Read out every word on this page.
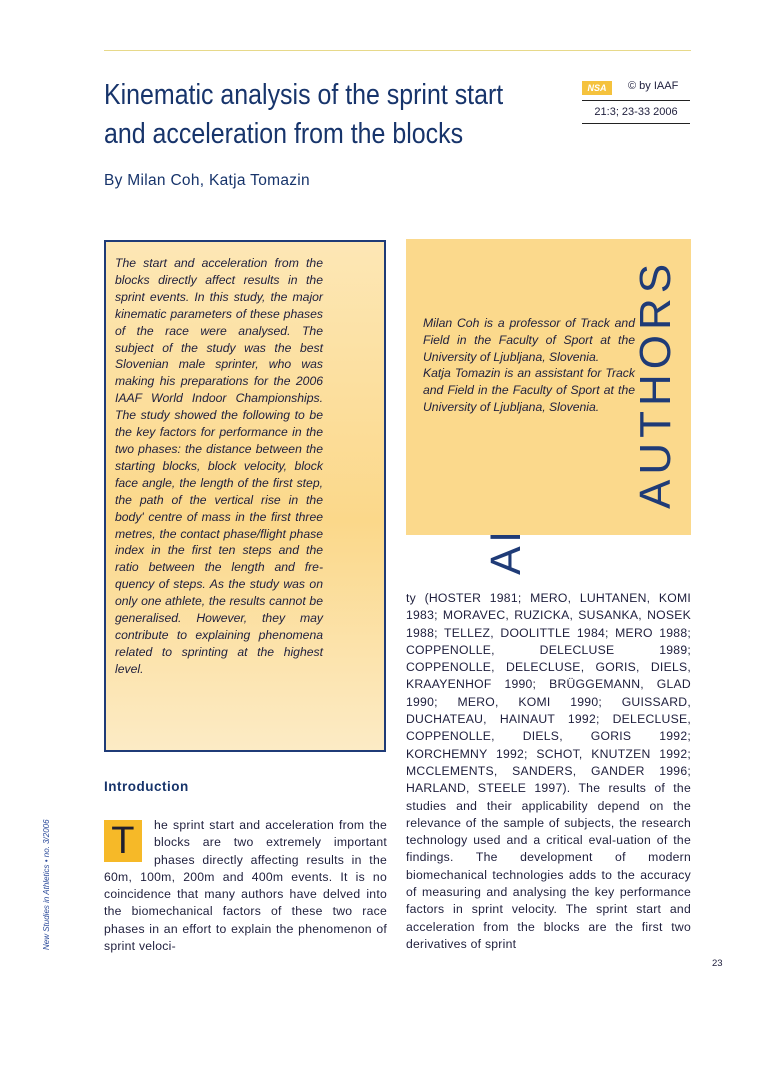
Kinematic analysis of the sprint start
and acceleration from the blocks
By Milan Coh, Katja Tomazin
NSA	© by IAAF
21:3; 23-33 2006
The start and acceleration from the blocks directly affect results in the sprint events. In this study, the major kinematic parameters of these phases of the race were analysed. The subject of the study was the best Slovenian male sprinter, who was making his preparations for the 2006 IAAF World Indoor Championships. The study showed the following to be the key factors for performance in the two phases: the distance between the starting blocks, block velocity, block face angle, the length of the first step, the path of the vertical rise in the body' centre of mass in the first three metres, the contact phase/flight phase index in the first ten steps and the ratio between the length and fre-quency of steps. As the study was on only one athlete, the results cannot be generalised. However, they may contribute to explaining phenomena related to sprinting at the highest level.

Milan Coh is a professor of Track and Field in the Faculty of Sport at the University of Ljubljana, Slovenia.

Katja Tomazin is an assistant for Track and Field in the Faculty of Sport at the University of Ljubljana, Slovenia. AUTHORS
Introduction
T	he sprint start and acceleration from the blocks are two extremely important phases directly affecting results in the 60m, 100m, 200m and 400m events. It is no coincidence that many authors have delved into the biomechanical factors of these two race phases in an effort to explain the phenomenon of sprint veloci-
ty (HOSTER 1981; MERO, LUHTANEN, KOMI 1983; MORAVEC, RUZICKA, SUSANKA, NOSEK 1988; TELLEZ, DOOLITTLE 1984; MERO 1988; COPPENOLLE, DELECLUSE 1989; COPPENOLLE, DELECLUSE, GORIS, DIELS, KRAAYENHOF 1990; BRÜGGEMANN, GLAD 1990; MERO, KOMI 1990; GUISSARD, DUCHATEAU, HAINAUT 1992; DELECLUSE, COPPENOLLE, DIELS, GORIS 1992; KORCHEMNY 1992; SCHOT, KNUTZEN 1992; MCCLEMENTS, SANDERS, GANDER 1996; HARLAND, STEELE 1997). The results of the studies and their applicability depend on the relevance of the sample of subjects, the research technology used and a critical eval-uation of the findings. The development of modern biomechanical technologies adds to the accuracy of measuring and analysing the key performance factors in sprint velocity. The sprint start and acceleration from the blocks are the first two derivatives of sprint
New Studies in Athletics • no. 3/2006
23
